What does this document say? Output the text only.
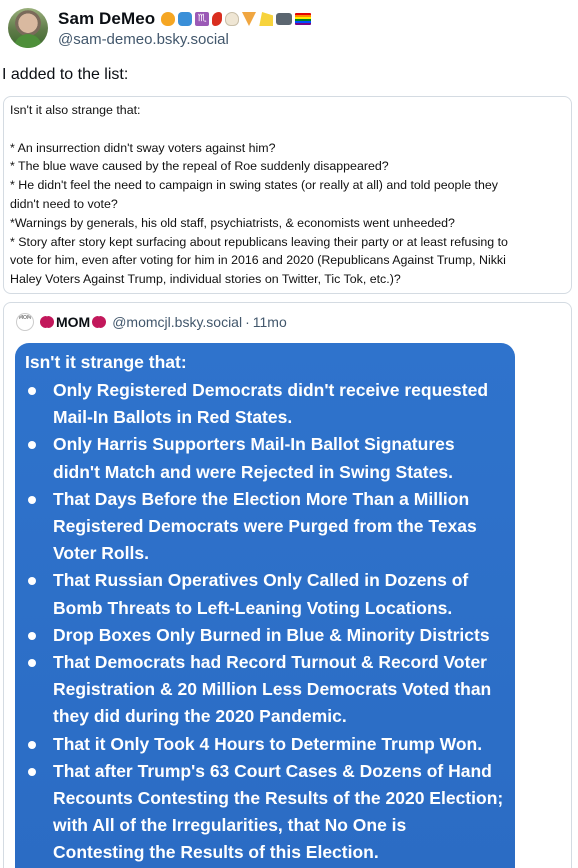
Sam DeMeo	♏
@sam-demeo.bsky.social
I added to the list:
Isn't it also strange that:
* An insurrection didn't sway voters against him?
* The blue wave caused by the repeal of Roe suddenly disappeared?
* He didn't feel the need to campaign in swing states (or really at all) and told people they
didn't need to vote?
*Warnings by generals, his old staff, psychiatrists, & economists went unheeded?
* Story after story kept surfacing about republicans leaving their party or at least refusing to
vote for him, even after voting for him in 2016 and 2020 (Republicans Against Trump, Nikki
Haley Voters Against Trump, individual stories on Twitter, Tic Tok, etc.)?
MOM MOM @momcjl.bsky.social · 11mo
Isn't it strange that:
Only Registered Democrats didn't receive requested
Mail-In Ballots in Red States.
Only Harris Supporters Mail-In Ballot Signatures
didn't Match and were Rejected in Swing States.
That Days Before the Election More Than a Million
Registered Democrats were Purged from the Texas
Voter Rolls.
That Russian Operatives Only Called in Dozens of
Bomb Threats to Left-Leaning Voting Locations.
Drop Boxes Only Burned in Blue & Minority Districts
That Democrats had Record Turnout & Record Voter
Registration & 20 Million Less Democrats Voted than
they did during the 2020 Pandemic.
That it Only Took 4 Hours to Determine Trump Won.
That after Trump's 63 Court Cases & Dozens of Hand
Recounts Contesting the Results of the 2020 Election;
with All of the Irregularities, that No One is
Contesting the Results of this Election.
